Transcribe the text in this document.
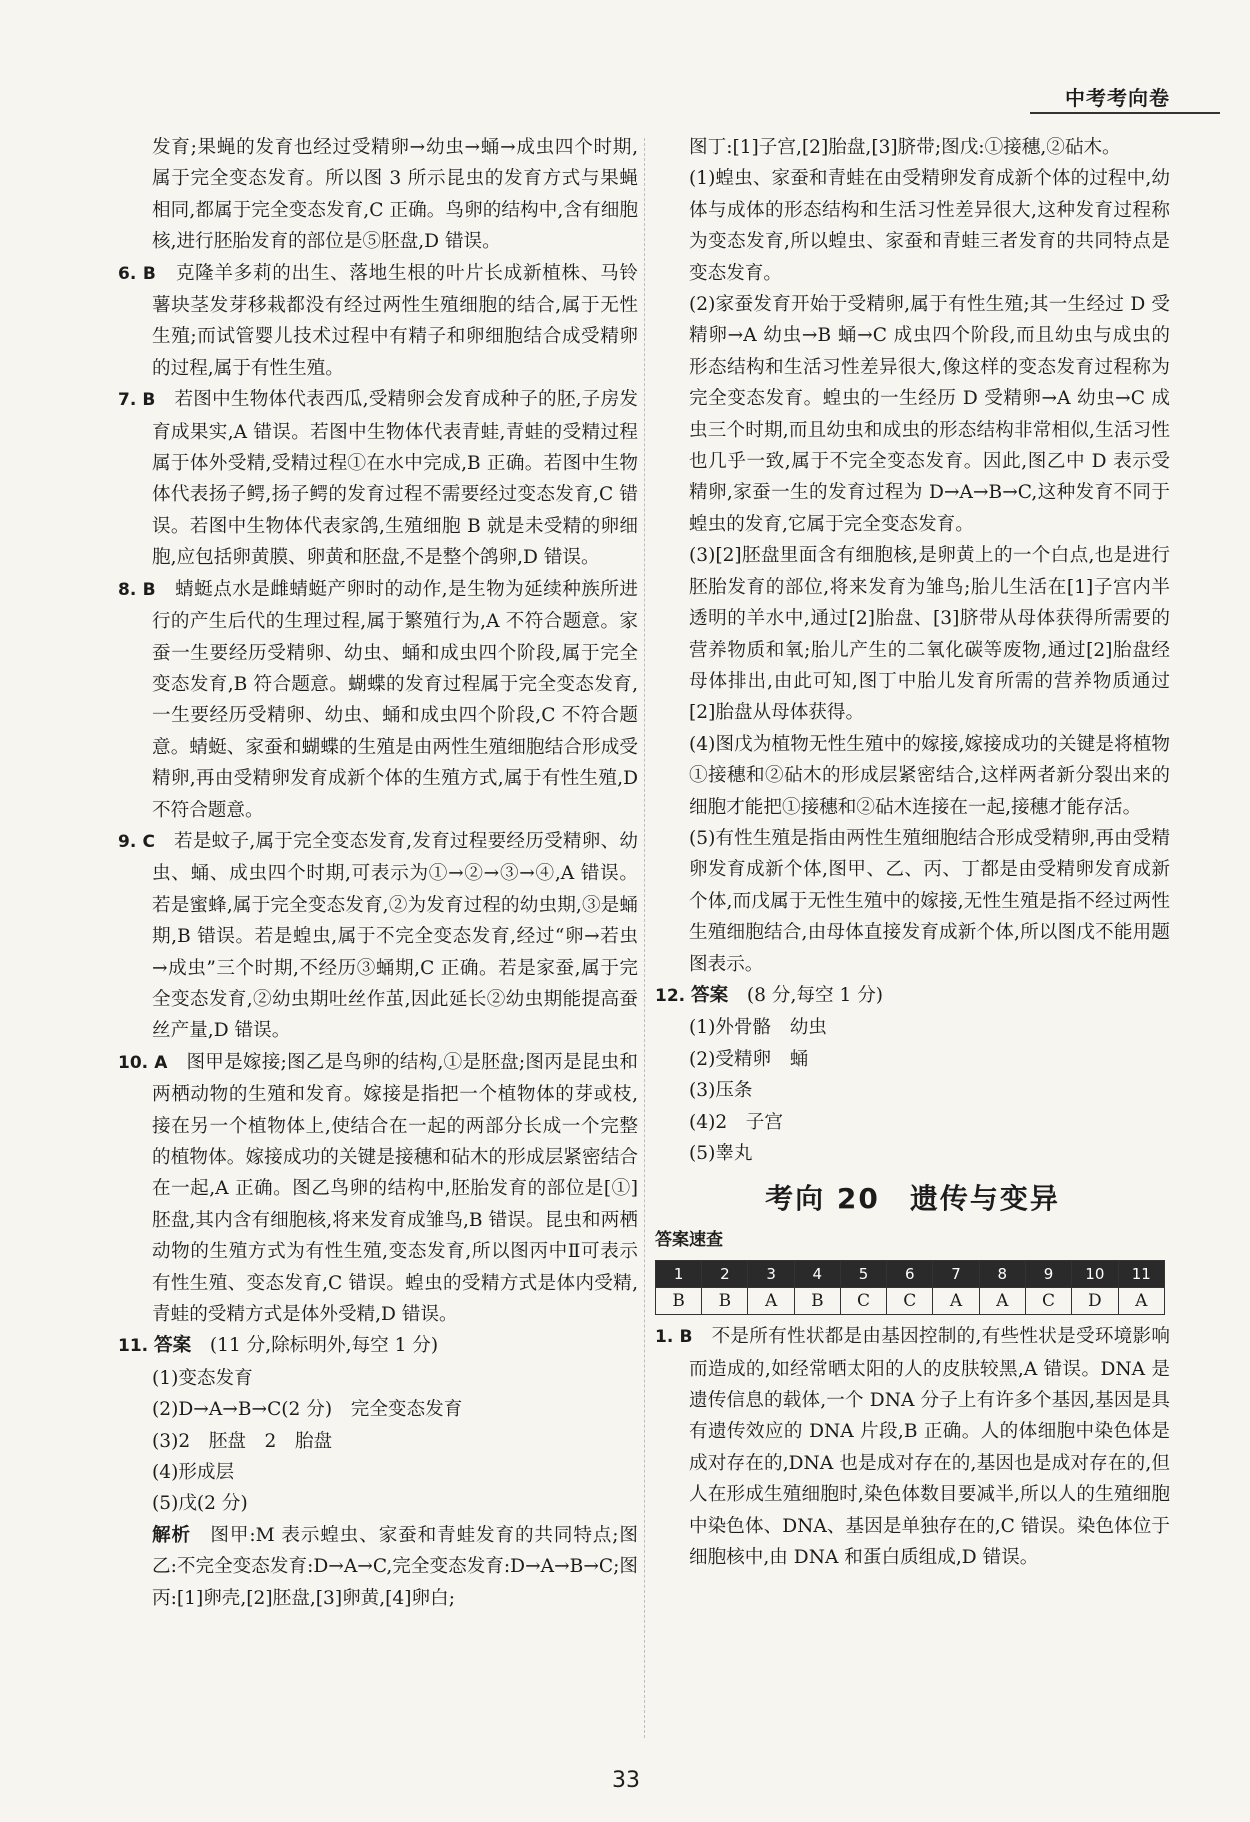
中考考向卷

发育;果蝇的发育也经过受精卵→幼虫→蛹→成虫四个时期,属于完全变态发育。所以图 3 所示昆虫的发育方式与果蝇相同,都属于完全变态发育,C 正确。鸟卵的结构中,含有细胞核,进行胚胎发育的部位是⑤胚盘,D 错误。

6. B　 克隆羊多莉的出生、落地生根的叶片长成新植株、马铃薯块茎发芽移栽都没有经过两性生殖细胞的结合,属于无性生殖;而试管婴儿技术过程中有精子和卵细胞结合成受精卵的过程,属于有性生殖。

7. B　 若图中生物体代表西瓜,受精卵会发育成种子的胚,子房发育成果实,A 错误。若图中生物体代表青蛙,青蛙的受精过程属于体外受精,受精过程①在水中完成,B 正确。若图中生物体代表扬子鳄,扬子鳄的发育过程不需要经过变态发育,C 错误。若图中生物体代表家鸽,生殖细胞 B 就是未受精的卵细胞,应包括卵黄膜、卵黄和胚盘,不是整个鸽卵,D 错误。

8. B　 蜻蜓点水是雌蜻蜓产卵时的动作,是生物为延续种族所进行的产生后代的生理过程,属于繁殖行为,A 不符合题意。家蚕一生要经历受精卵、幼虫、蛹和成虫四个阶段,属于完全变态发育,B 符合题意。蝴蝶的发育过程属于完全变态发育,一生要经历受精卵、幼虫、蛹和成虫四个阶段,C 不符合题意。蜻蜓、家蚕和蝴蝶的生殖是由两性生殖细胞结合形成受精卵,再由受精卵发育成新个体的生殖方式,属于有性生殖,D 不符合题意。

9. C　 若是蚊子,属于完全变态发育,发育过程要经历受精卵、幼虫、蛹、成虫四个时期,可表示为①→②→③→④,A 错误。若是蜜蜂,属于完全变态发育,②为发育过程的幼虫期,③是蛹期,B 错误。若是蝗虫,属于不完全变态发育,经过“卵→若虫→成虫”三个时期,不经历③蛹期,C 正确。若是家蚕,属于完全变态发育,②幼虫期吐丝作茧,因此延长②幼虫期能提高蚕丝产量,D 错误。

10. A　 图甲是嫁接;图乙是鸟卵的结构,①是胚盘;图丙是昆虫和两栖动物的生殖和发育。嫁接是指把一个植物体的芽或枝,接在另一个植物体上,使结合在一起的两部分长成一个完整的植物体。嫁接成功的关键是接穗和砧木的形成层紧密结合在一起,A 正确。图乙鸟卵的结构中,胚胎发育的部位是[①]胚盘,其内含有细胞核,将来发育成雏鸟,B 错误。昆虫和两栖动物的生殖方式为有性生殖,变态发育,所以图丙中Ⅱ可表示有性生殖、变态发育,C 错误。蝗虫的受精方式是体内受精,青蛙的受精方式是体外受精,D 错误。

11. 答案　 (11 分,除标明外,每空 1 分)

(1)变态发育

(2)D→A→B→C(2 分)　完全变态发育

(3)2　胚盘　2　胎盘

(4)形成层

(5)戊(2 分)

解析　 图甲:M 表示蝗虫、家蚕和青蛙发育的共同特点;图乙:不完全变态发育:D→A→C,完全变态发育:D→A→B→C;图丙:[1]卵壳,[2]胚盘,[3]卵黄,[4]卵白;

图丁:[1]子宫,[2]胎盘,[3]脐带;图戊:①接穗,②砧木。

(1)蝗虫、家蚕和青蛙在由受精卵发育成新个体的过程中,幼体与成体的形态结构和生活习性差异很大,这种发育过程称为变态发育,所以蝗虫、家蚕和青蛙三者发育的共同特点是变态发育。

(2)家蚕发育开始于受精卵,属于有性生殖;其一生经过 D 受精卵→A 幼虫→B 蛹→C 成虫四个阶段,而且幼虫与成虫的形态结构和生活习性差异很大,像这样的变态发育过程称为完全变态发育。蝗虫的一生经历 D 受精卵→A 幼虫→C 成虫三个时期,而且幼虫和成虫的形态结构非常相似,生活习性也几乎一致,属于不完全变态发育。因此,图乙中 D 表示受精卵,家蚕一生的发育过程为 D→A→B→C,这种发育不同于蝗虫的发育,它属于完全变态发育。

(3)[2]胚盘里面含有细胞核,是卵黄上的一个白点,也是进行胚胎发育的部位,将来发育为雏鸟;胎儿生活在[1]子宫内半透明的羊水中,通过[2]胎盘、[3]脐带从母体获得所需要的营养物质和氧;胎儿产生的二氧化碳等废物,通过[2]胎盘经母体排出,由此可知,图丁中胎儿发育所需的营养物质通过[2]胎盘从母体获得。

(4)图戊为植物无性生殖中的嫁接,嫁接成功的关键是将植物①接穗和②砧木的形成层紧密结合,这样两者新分裂出来的细胞才能把①接穗和②砧木连接在一起,接穗才能存活。

(5)有性生殖是指由两性生殖细胞结合形成受精卵,再由受精卵发育成新个体,图甲、乙、丙、丁都是由受精卵发育成新个体,而戊属于无性生殖中的嫁接,无性生殖是指不经过两性生殖细胞结合,由母体直接发育成新个体,所以图戊不能用题图表示。

12. 答案　 (8 分,每空 1 分)

(1)外骨骼　幼虫

(2)受精卵　蛹

(3)压条

(4)2　子宫

(5)睾丸

考向 20　遗传与变异
答案速查
1	2	3	4	5	6	7	8	9	10	11
B	B	A	B	C	C	A	A	C	D	A

1. B　 不是所有性状都是由基因控制的,有些性状是受环境影响而造成的,如经常晒太阳的人的皮肤较黑,A 错误。DNA 是遗传信息的载体,一个 DNA 分子上有许多个基因,基因是具有遗传效应的 DNA 片段,B 正确。人的体细胞中染色体是成对存在的,DNA 也是成对存在的,基因也是成对存在的,但人在形成生殖细胞时,染色体数目要减半,所以人的生殖细胞中染色体、DNA、基因是单独存在的,C 错误。染色体位于细胞核中,由 DNA 和蛋白质组成,D 错误。

33
